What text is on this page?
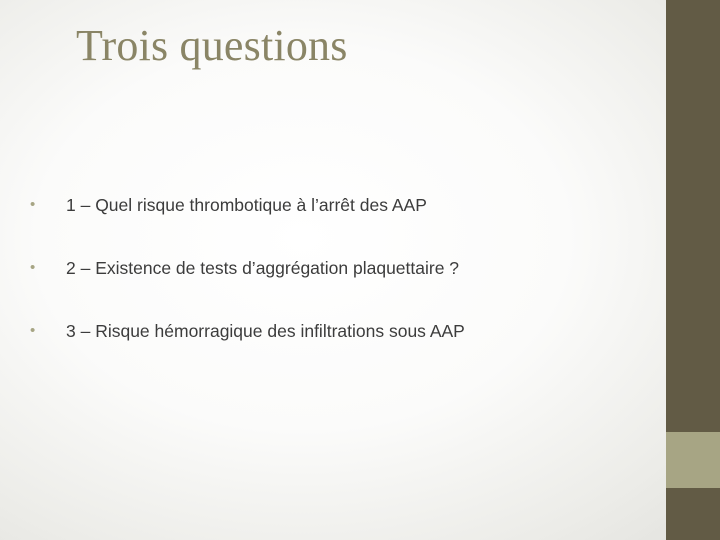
Trois questions
• 1 – Quel risque thrombotique à l’arrêt des AAP
• 2 – Existence de tests d’aggrégation plaquettaire ?
• 3 – Risque hémorragique des infiltrations sous AAP
